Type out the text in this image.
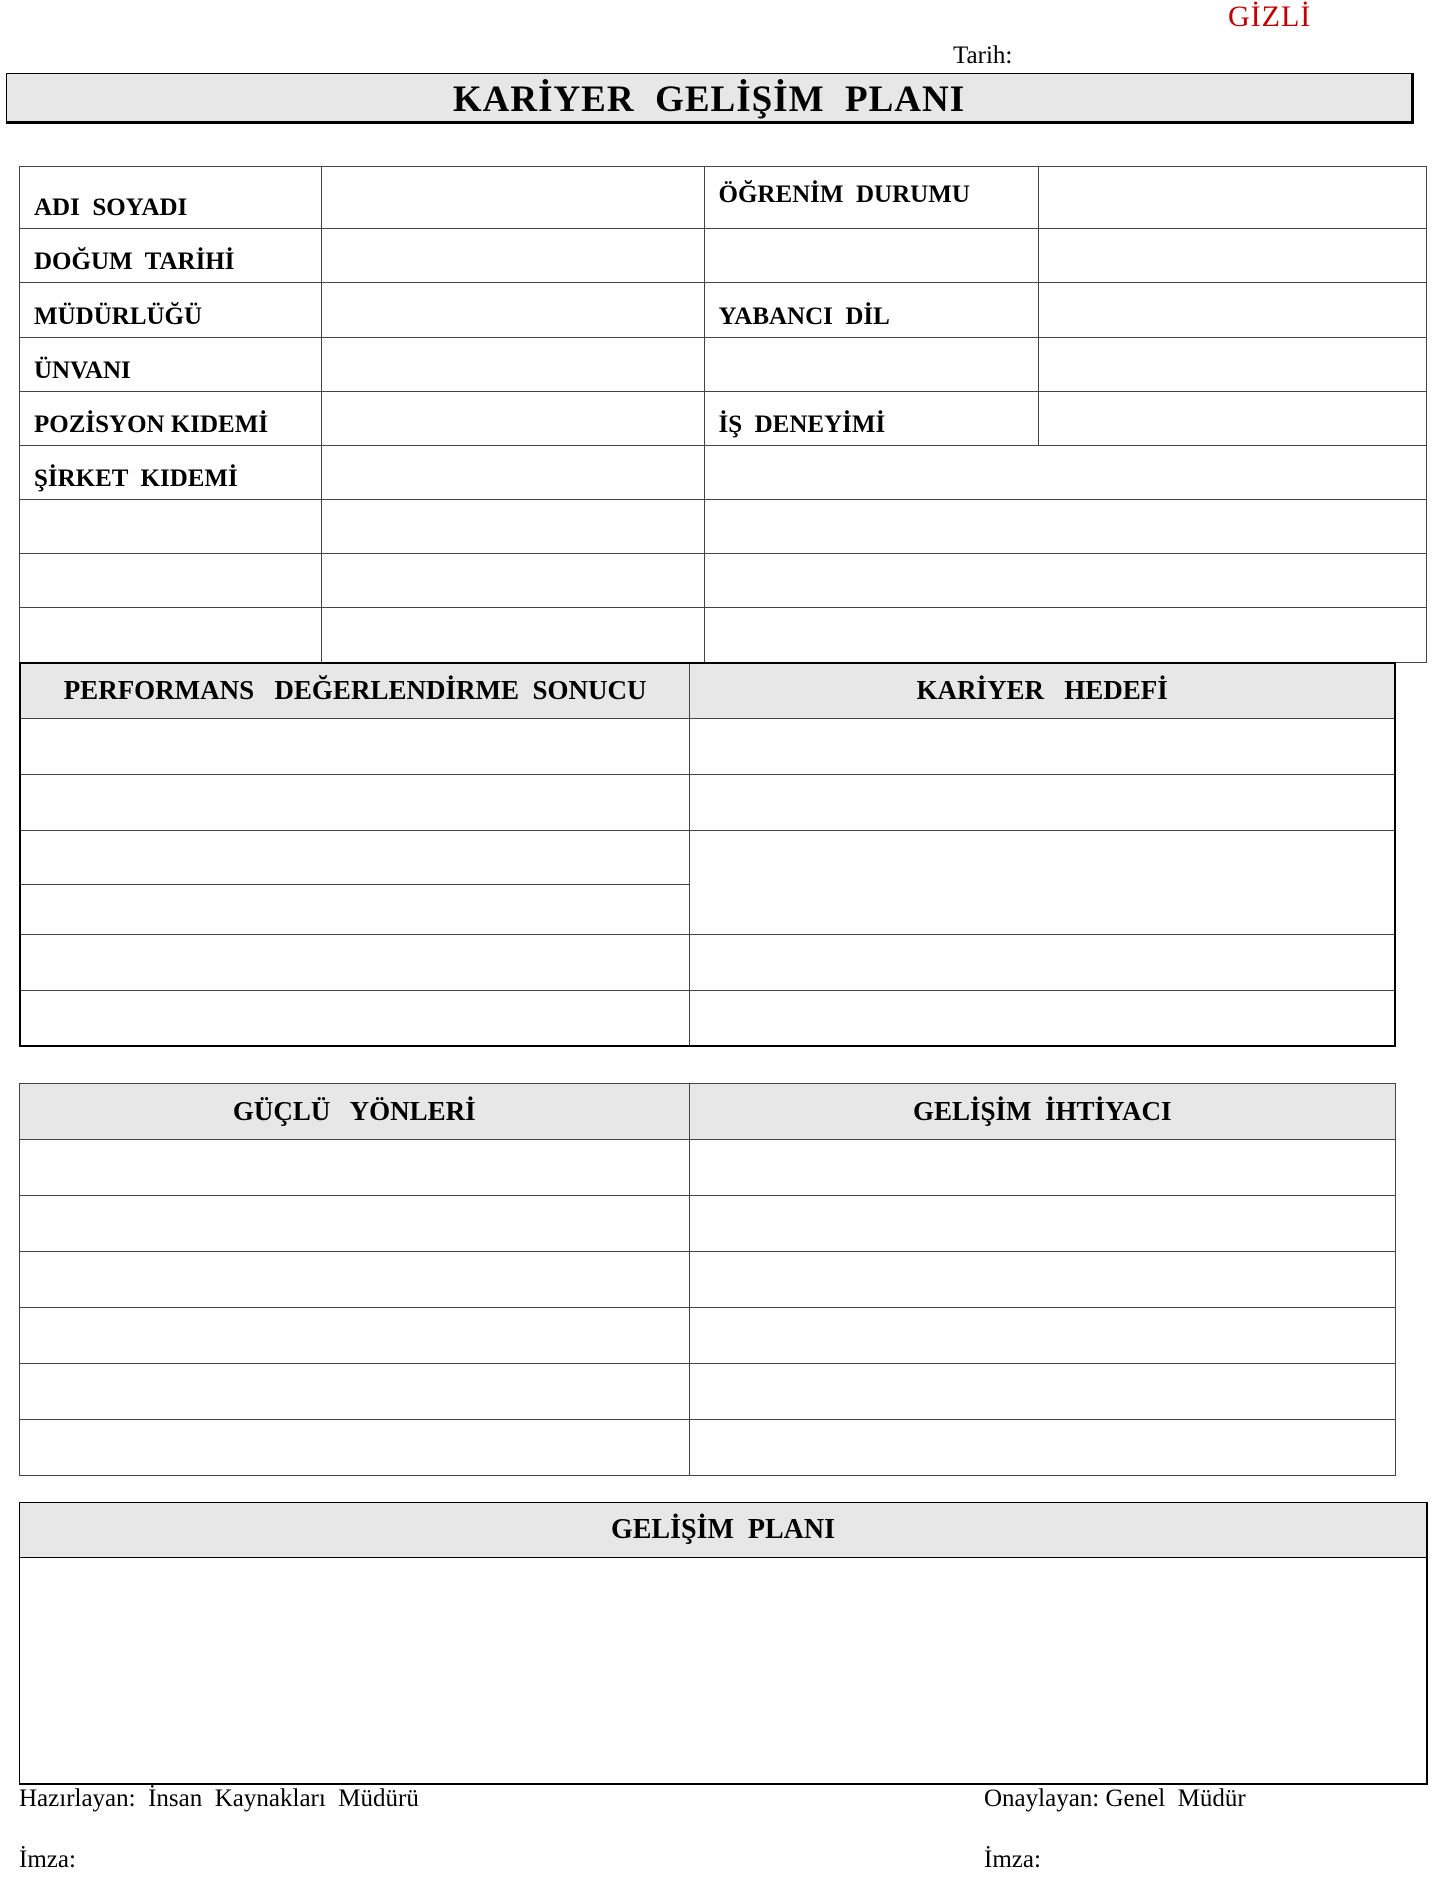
GİZLİ
Tarih:
KARİYER  GELİŞİM  PLANI
ADI  SOYADI		ÖĞRENİM  DURUMU	
DOĞUM  TARİHİ			
MÜDÜRLÜĞÜ		YABANCI  DİL	
ÜNVANI			
POZİSYON KIDEMİ		İŞ  DENEYİMİ	
ŞİRKET  KIDEMİ			

PERFORMANS   DEĞERLENDİRME  SONUCU	KARİYER   HEDEFİ

GÜÇLÜ   YÖNLERİ	GELİŞİM  İHTİYACI

GELİŞİM  PLANI
Hazırlayan:  İnsan  Kaynakları  Müdürü	Onaylayan: Genel  Müdür
İmza:	İmza:
